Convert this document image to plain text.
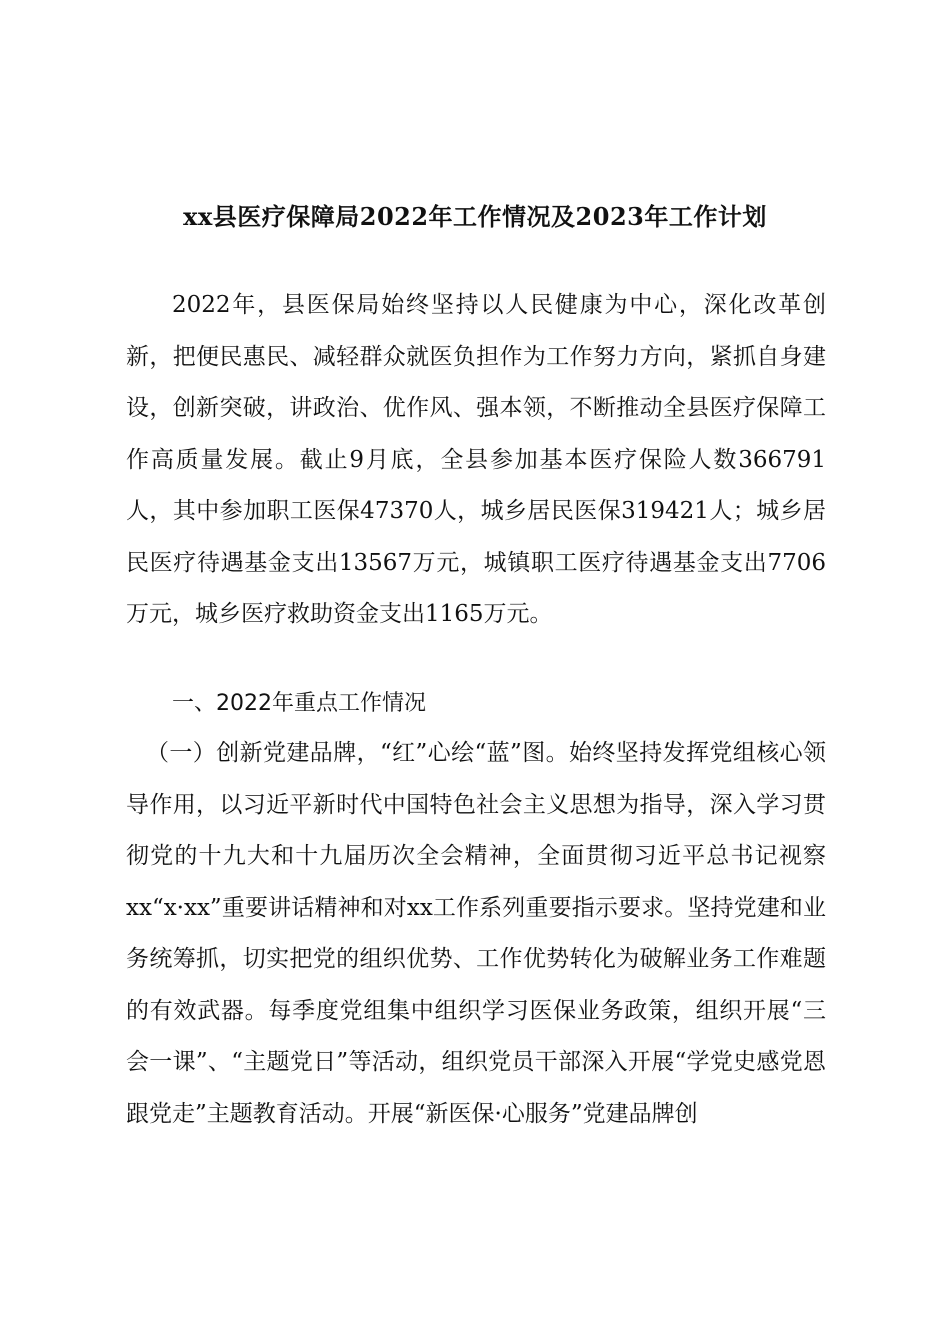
xx县医疗保障局2022年工作情况及2023年工作计划

2022年，县医保局始终坚持以人民健康为中心，深化改革创新，把便民惠民、减轻群众就医负担作为工作努力方向，紧抓自身建设，创新突破，讲政治、优作风、强本领，不断推动全县医疗保障工作高质量发展。截止9月底，全县参加基本医疗保险人数366791人，其中参加职工医保47370人，城乡居民医保319421人；城乡居民医疗待遇基金支出13567万元，城镇职工医疗待遇基金支出7706万元，城乡医疗救助资金支出1165万元。

一、2022年重点工作情况

（一）创新党建品牌，“红”心绘“蓝”图。始终坚持发挥党组核心领导作用，以习近平新时代中国特色社会主义思想为指导，深入学习贯彻党的十九大和十九届历次全会精神，全面贯彻习近平总书记视察xx“x·xx”重要讲话精神和对xx工作系列重要指示要求。坚持党建和业务统筹抓，切实把党的组织优势、工作优势转化为破解业务工作难题的有效武器。每季度党组集中组织学习医保业务政策，组织开展“三会一课”、“主题党日”等活动，组织党员干部深入开展“学党史感党恩跟党走”主题教育活动。开展“新医保·心服务”党建品牌创
